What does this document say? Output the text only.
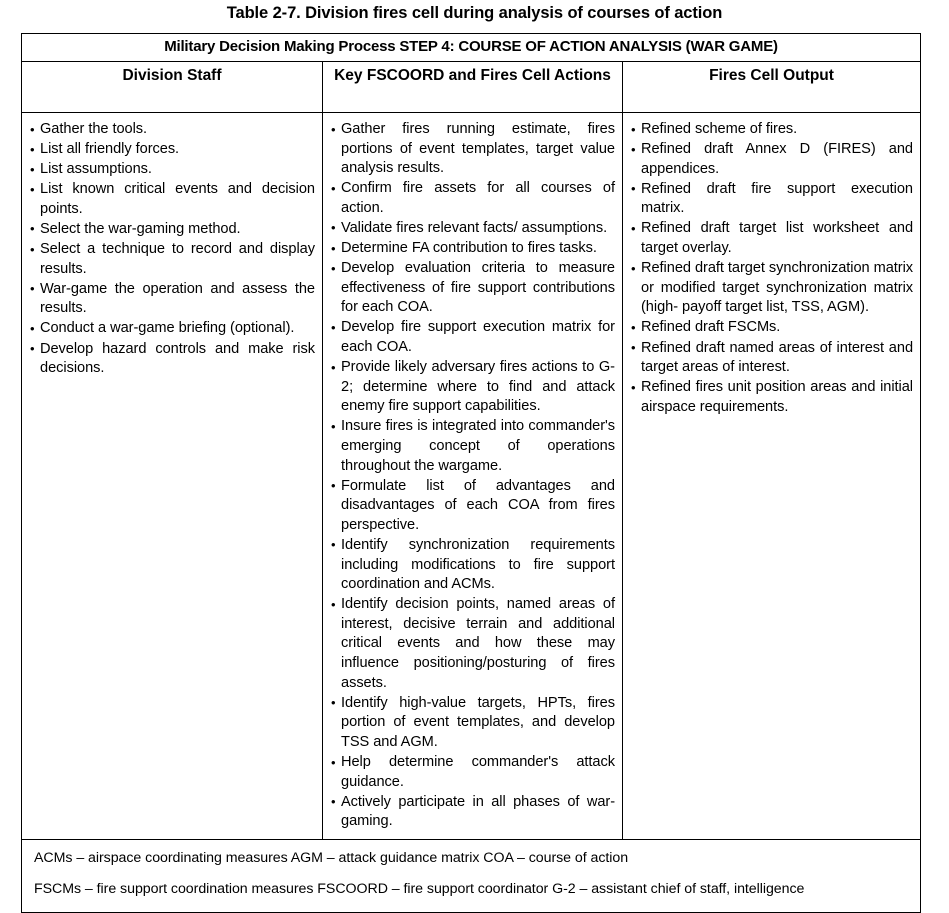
Table 2-7. Division fires cell during analysis of courses of action
Military Decision Making Process STEP 4: COURSE OF ACTION ANALYSIS (WAR GAME)		
Division Staff	Key FSCOORD and Fires Cell Actions	Fires Cell Output

• Gather the tools.
• List all friendly forces.
• List assumptions.
• List known critical events and decision points.
• Select the war-gaming method.
• Select a technique to record and display results.
• War-game the operation and assess the results.
• Conduct a war-game briefing (optional).
• Develop hazard controls and make risk decisions.

• Gather fires running estimate, fires portions of event templates, target value analysis results.
• Confirm fire assets for all courses of action.
• Validate fires relevant facts/ assumptions.
• Determine FA contribution to fires tasks.
• Develop evaluation criteria to measure effectiveness of fire support contributions for each COA.
• Develop fire support execution matrix for each COA.
• Provide likely adversary fires actions to G-2; determine where to find and attack enemy fire support capabilities.
• Insure fires is integrated into commander's emerging concept of operations throughout the wargame.
• Formulate list of advantages and disadvantages of each COA from fires perspective.
• Identify synchronization requirements including modifications to fire support coordination and ACMs.
• Identify decision points, named areas of interest, decisive terrain and additional critical events and how these may influence positioning/posturing of fires assets.
• Identify high-value targets, HPTs, fires portion of event templates, and develop TSS and AGM.
• Help determine commander's attack guidance.
• Actively participate in all phases of war-gaming.

• Refined scheme of fires.
• Refined draft Annex D (FIRES) and appendices.
• Refined draft fire support execution matrix.
• Refined draft target list worksheet and target overlay.
• Refined draft target synchronization matrix or modified target synchronization matrix (high- payoff target list, TSS, AGM).
• Refined draft FSCMs.
• Refined draft named areas of interest and target areas of interest.
• Refined fires unit position areas and initial airspace requirements.

ACMs – airspace coordinating measures AGM – attack guidance matrix COA – course of action
FSCMs – fire support coordination measures FSCOORD – fire support coordinator G-2 – assistant chief of staff, intelligence		
